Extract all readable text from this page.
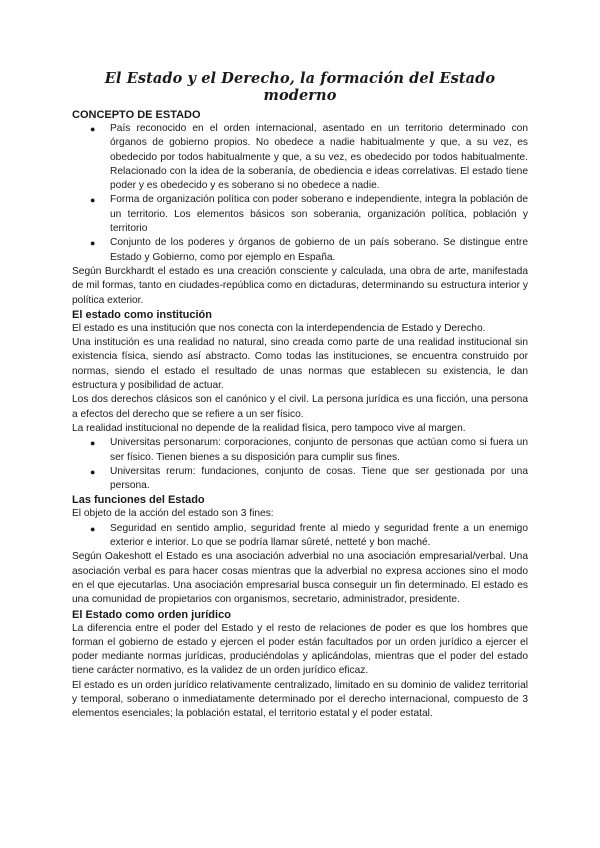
El Estado y el Derecho, la formación del Estado moderno
CONCEPTO DE ESTADO
● País reconocido en el orden internacional, asentado en un territorio determinado con órganos de gobierno propios. No obedece a nadie habitualmente y que, a su vez, es obedecido por todos habitualmente y que, a su vez, es obedecido por todos habitualmente. Relacionado con la idea de la soberanía, de obediencia e ideas correlativas. El estado tiene poder y es obedecido y es soberano si no obedece a nadie.
● Forma de organización política con poder soberano e independiente, integra la población de un territorio. Los elementos básicos son soberania, organización política, población y territorio
● Conjunto de los poderes y órganos de gobierno de un país soberano. Se distingue entre Estado y Gobierno, como por ejemplo en España.

Según Burckhardt el estado es una creación consciente y calculada, una obra de arte, manifestada de mil formas, tanto en ciudades-república como en dictaduras, determinando su estructura interior y política exterior.

El estado como institución

El estado es una institución que nos conecta con la interdependencia de Estado y Derecho.

Una institución es una realidad no natural, sino creada como parte de una realidad institucional sin existencia física, siendo así abstracto. Como todas las instituciones, se encuentra construido por normas, siendo el estado el resultado de unas normas que establecen su existencia, le dan estructura y posibilidad de actuar.

Los dos derechos clásicos son el canónico y el civil. La persona jurídica es una ficción, una persona a efectos del derecho que se refiere a un ser físico.

La realidad institucional no depende de la realidad física, pero tampoco vive al margen.

● Universitas personarum: corporaciones, conjunto de personas que actúan como si fuera un ser físico. Tienen bienes a su disposición para cumplir sus fines.
● Universitas rerum: fundaciones, conjunto de cosas. Tiene que ser gestionada por una persona.
Las funciones del Estado

El objeto de la acción del estado son 3 fines:

● Seguridad en sentido amplio, seguridad frente al miedo y seguridad frente a un enemigo exterior e interior. Lo que se podría llamar sûreté, netteté y bon maché.

Según Oakeshott el Estado es una asociación adverbial no una asociación empresarial/verbal. Una asociación verbal es para hacer cosas mientras que la adverbial no expresa acciones sino el modo en el que ejecutarlas. Una asociación empresarial busca conseguir un fin determinado. El estado es una comunidad de propietarios con organismos, secretario, administrador, presidente.

El Estado como orden jurídico

La diferencia entre el poder del Estado y el resto de relaciones de poder es que los hombres que forman el gobierno de estado y ejercen el poder están facultados por un orden jurídico a ejercer el poder mediante normas jurídicas, produciéndolas y aplicándolas, mientras que el poder del estado tiene carácter normativo, es la validez de un orden jurídico eficaz.

El estado es un orden jurídico relativamente centralizado, limitado en su dominio de validez territorial y temporal, soberano o inmediatamente determinado por el derecho internacional, compuesto de 3 elementos esenciales; la población estatal, el territorio estatal y el poder estatal.
